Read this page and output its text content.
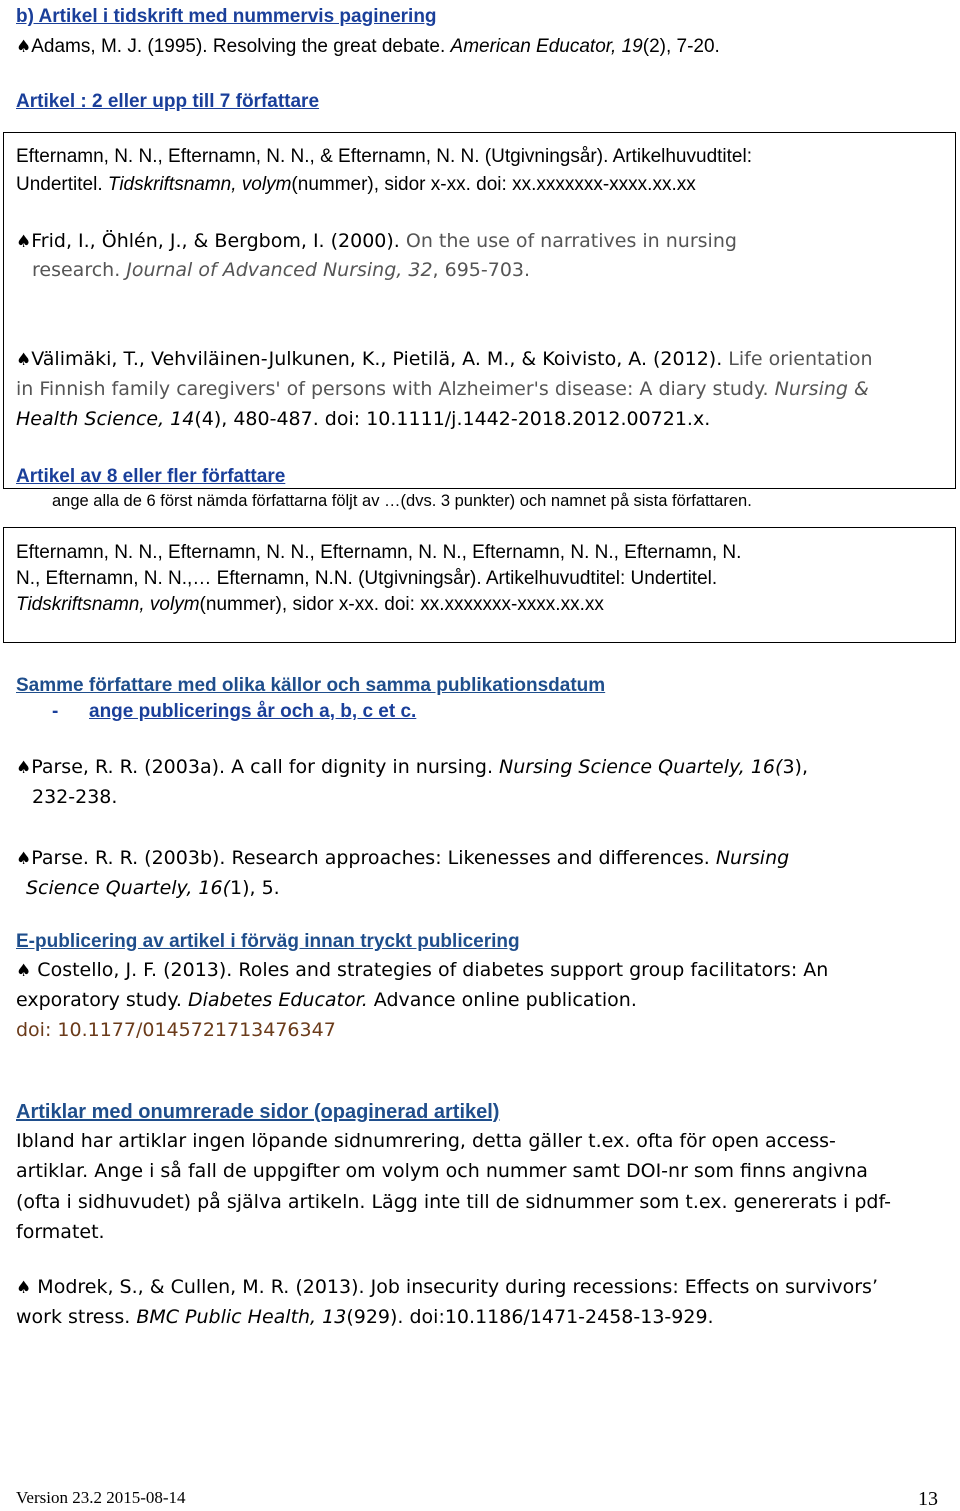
b) Artikel i tidskrift med nummervis paginering
♠Adams, M. J. (1995). Resolving the great debate. American Educator, 19(2), 7-20.
Artikel : 2 eller upp till 7 författare
Efternamn, N. N., Efternamn, N. N., & Efternamn, N. N. (Utgivningsår). Artikelhuvudtitel:
Undertitel. Tidskriftsnamn, volym(nummer), sidor x-xx. doi: xx.xxxxxxx-xxxx.xx.xx
♠Frid, I., Öhlén, J., & Bergbom, I. (2000). On the use of narratives in nursing
research. Journal of Advanced Nursing, 32, 695-703.
♠Välimäki, T., Vehviläinen-Julkunen, K., Pietilä, A. M., & Koivisto, A. (2012). Life orientation
in Finnish family caregivers' of persons with Alzheimer's disease: A diary study. Nursing &
Health Science, 14(4), 480-487. doi: 10.1111/j.1442-2018.2012.00721.x.
Artikel av 8 eller fler författare
ange alla de 6 först nämda författarna följt av …(dvs. 3 punkter) och namnet på sista författaren.
Efternamn, N. N., Efternamn, N. N., Efternamn, N. N., Efternamn, N. N., Efternamn, N.
N., Efternamn, N. N.,… Efternamn, N.N. (Utgivningsår). Artikelhuvudtitel: Undertitel.
Tidskriftsnamn, volym(nummer), sidor x-xx. doi: xx.xxxxxxx-xxxx.xx.xx
Samme författare med olika källor och samma publikationsdatum
- ange publicerings år och a, b, c et c.
♠Parse, R. R. (2003a). A call for dignity in nursing. Nursing Science Quartely, 16(3),
232-238.
♠Parse. R. R. (2003b). Research approaches: Likenesses and differences. Nursing
Science Quartely, 16(1), 5.
E-publicering av artikel i förväg innan tryckt publicering
♠ Costello, J. F. (2013). Roles and strategies of diabetes support group facilitators: An
exporatory study. Diabetes Educator. Advance online publication.
doi: 10.1177/0145721713476347
Artiklar med onumrerade sidor (opaginerad artikel)
Ibland har artiklar ingen löpande sidnumrering, detta gäller t.ex. ofta för open access-
artiklar. Ange i så fall de uppgifter om volym och nummer samt DOI-nr som finns angivna
(ofta i sidhuvudet) på själva artikeln. Lägg inte till de sidnummer som t.ex. genererats i pdf-
formatet.
♠ Modrek, S., & Cullen, M. R. (2013). Job insecurity during recessions: Effects on survivors’
work stress. BMC Public Health, 13(929). doi:10.1186/1471-2458-13-929.
Version 23.2 2015-08-14	13
